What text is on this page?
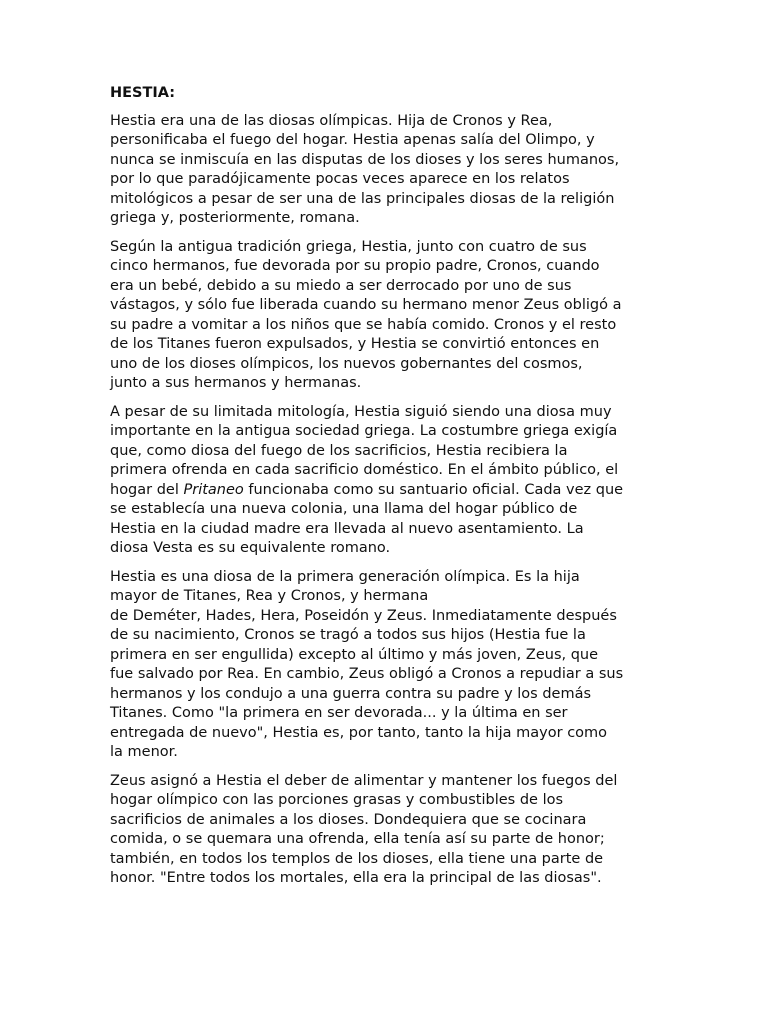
HESTIA:

Hestia era una de las diosas olímpicas. Hija de Cronos y Rea,
personificaba el fuego del hogar. Hestia apenas salía del Olimpo, y
nunca se inmiscuía en las disputas de los dioses y los seres humanos,
por lo que paradójicamente pocas veces aparece en los relatos
mitológicos a pesar de ser una de las principales diosas de la religión
griega y, posteriormente, romana.

Según la antigua tradición griega, Hestia, junto con cuatro de sus
cinco hermanos, fue devorada por su propio padre, Cronos, cuando
era un bebé, debido a su miedo a ser derrocado por uno de sus
vástagos, y sólo fue liberada cuando su hermano menor Zeus obligó a
su padre a vomitar a los niños que se había comido. Cronos y el resto
de los Titanes fueron expulsados, y Hestia se convirtió entonces en
uno de los dioses olímpicos, los nuevos gobernantes del cosmos,
junto a sus hermanos y hermanas.

A pesar de su limitada mitología, Hestia siguió siendo una diosa muy
importante en la antigua sociedad griega. La costumbre griega exigía
que, como diosa del fuego de los sacrificios, Hestia recibiera la
primera ofrenda en cada sacrificio doméstico. En el ámbito público, el
hogar del Pritaneo funcionaba como su santuario oficial. Cada vez que
se establecía una nueva colonia, una llama del hogar público de
Hestia en la ciudad madre era llevada al nuevo asentamiento. La
diosa Vesta es su equivalente romano.

Hestia es una diosa de la primera generación olímpica. Es la hija
mayor de Titanes, Rea y Cronos, y hermana
de Deméter, Hades, Hera, Poseidón y Zeus. Inmediatamente después
de su nacimiento, Cronos se tragó a todos sus hijos (Hestia fue la
primera en ser engullida) excepto al último y más joven, Zeus, que
fue salvado por Rea. En cambio, Zeus obligó a Cronos a repudiar a sus
hermanos y los condujo a una guerra contra su padre y los demás
Titanes. Como "la primera en ser devorada... y la última en ser
entregada de nuevo", Hestia es, por tanto, tanto la hija mayor como
la menor.

Zeus asignó a Hestia el deber de alimentar y mantener los fuegos del
hogar olímpico con las porciones grasas y combustibles de los
sacrificios de animales a los dioses. Dondequiera que se cocinara
comida, o se quemara una ofrenda, ella tenía así su parte de honor;
también, en todos los templos de los dioses, ella tiene una parte de
honor. "Entre todos los mortales, ella era la principal de las diosas".
